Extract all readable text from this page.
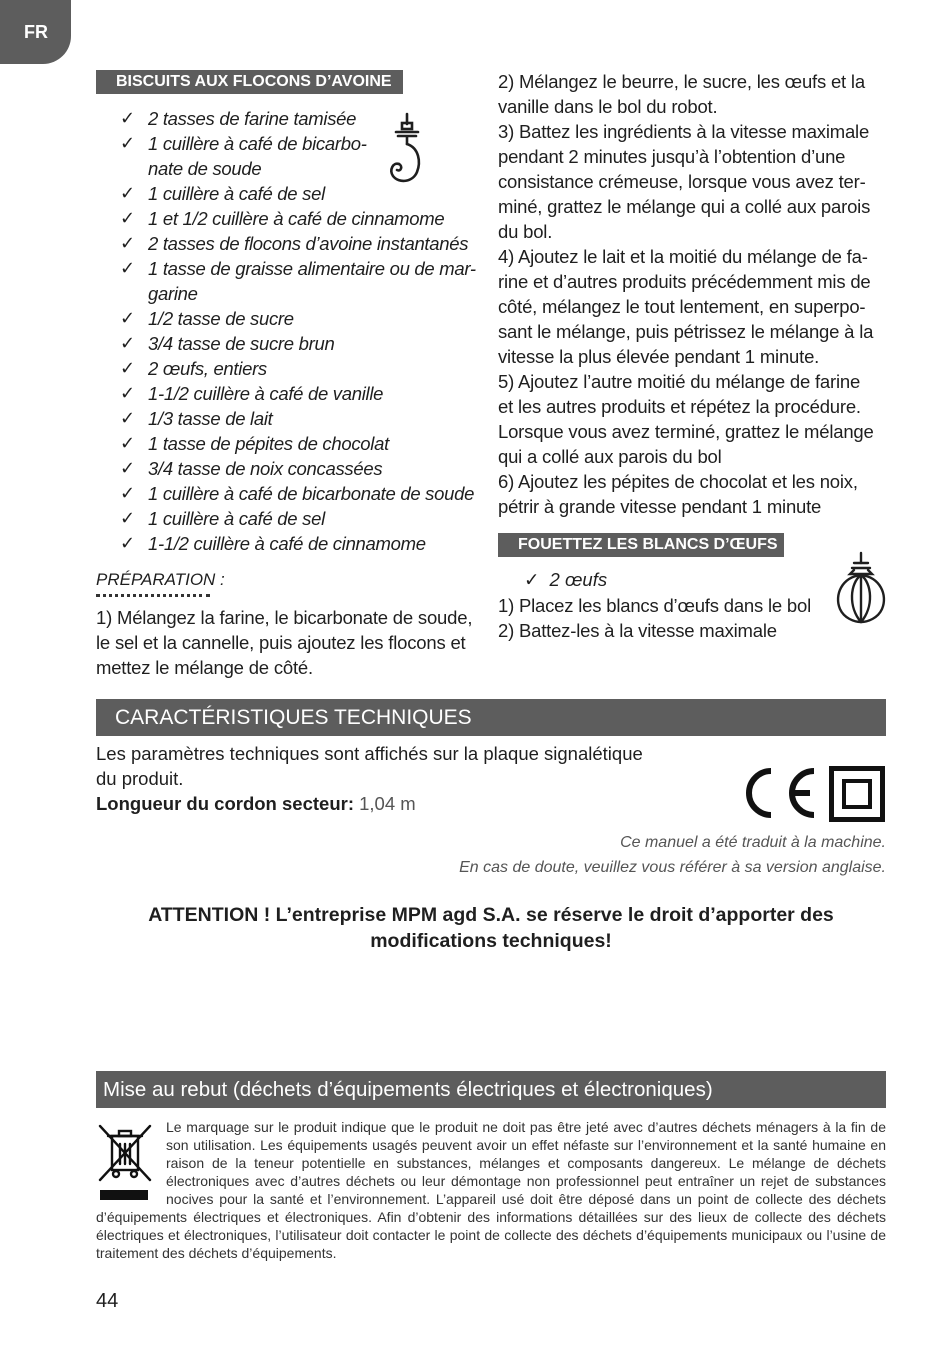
FR
BISCUITS AUX FLOCONS D’AVOINE
✓ 2 tasses de farine tamisée
✓ 1 cuillère à café de bicarbo-
nate de soude
✓ 1 cuillère à café de sel
✓ 1 et 1/2 cuillère à café de cinnamome
✓ 2 tasses de flocons d’avoine instantanés
✓ 1 tasse de graisse alimentaire ou de mar-
garine
✓ 1/2 tasse de sucre
✓ 3/4 tasse de sucre brun
✓ 2 œufs, entiers
✓ 1-1/2 cuillère à café de vanille
✓ 1/3 tasse de lait
✓ 1 tasse de pépites de chocolat
✓ 3/4 tasse de noix concassées
✓ 1 cuillère à café de bicarbonate de soude
✓ 1 cuillère à café de sel
✓ 1-1/2 cuillère à café de cinnamome
PRÉPARATION :

1) Mélangez la farine, le bicarbonate de soude,

le sel et la cannelle, puis ajoutez les flocons et

mettez le mélange de côté.

2) Mélangez le beurre, le sucre, les œufs et la

vanille dans le bol du robot.

3) Battez les ingrédients à la vitesse maximale

pendant 2 minutes jusqu’à l’obtention d’une

consistance crémeuse, lorsque vous avez ter-

miné, grattez le mélange qui a collé aux parois

du bol.

4) Ajoutez le lait et la moitié du mélange de fa-

rine et d’autres produits précédemment mis de

côté, mélangez le tout lentement, en superpo-

sant le mélange, puis pétrissez le mélange à la

vitesse la plus élevée pendant 1 minute.

5) Ajoutez l’autre moitié du mélange de farine

et les autres produits et répétez la procédure.

Lorsque vous avez terminé, grattez le mélange

qui a collé aux parois du bol

6) Ajoutez les pépites de chocolat et les noix,

pétrir à grande vitesse pendant 1 minute

FOUETTEZ LES BLANCS D’ŒUFS
✓ 2 œufs

1) Placez les blancs d’œufs dans le bol

2) Battez-les à la vitesse maximale

CARACTÉRISTIQUES TECHNIQUES
Les paramètres techniques sont affichés sur la plaque signalétique
du produit.
Longueur du cordon secteur: 1,04 m
Ce manuel a été traduit à la machine.
En cas de doute, veuillez vous référer à sa version anglaise.
ATTENTION ! L’entreprise MPM agd S.A. se réserve le droit d’apporter des
modifications techniques!
Mise au rebut (déchets d’équipements électriques et électroniques)
Le marquage sur le produit indique que le produit ne doit pas être jeté avec d’autres déchets ménagers à la fin de son utilisation. Les équipements usagés peuvent avoir un effet néfaste sur l’environnement et la santé humaine en raison de la teneur potentielle en substances, mélanges et composants dangereux. Le mélange de déchets électroniques avec d’autres déchets ou leur démontage non professionnel peut entraîner un rejet de substances nocives pour la santé et l’environnement. L’appareil usé doit être déposé dans un point de collecte des déchets d’équipements électriques et électroniques. Afin d’obtenir des informations détaillées sur des lieux de collecte des déchets électriques et électroniques, l’utilisateur doit contacter le point de collecte des déchets d’équipements municipaux ou l’usine de traitement des déchets d’équipements.
44
